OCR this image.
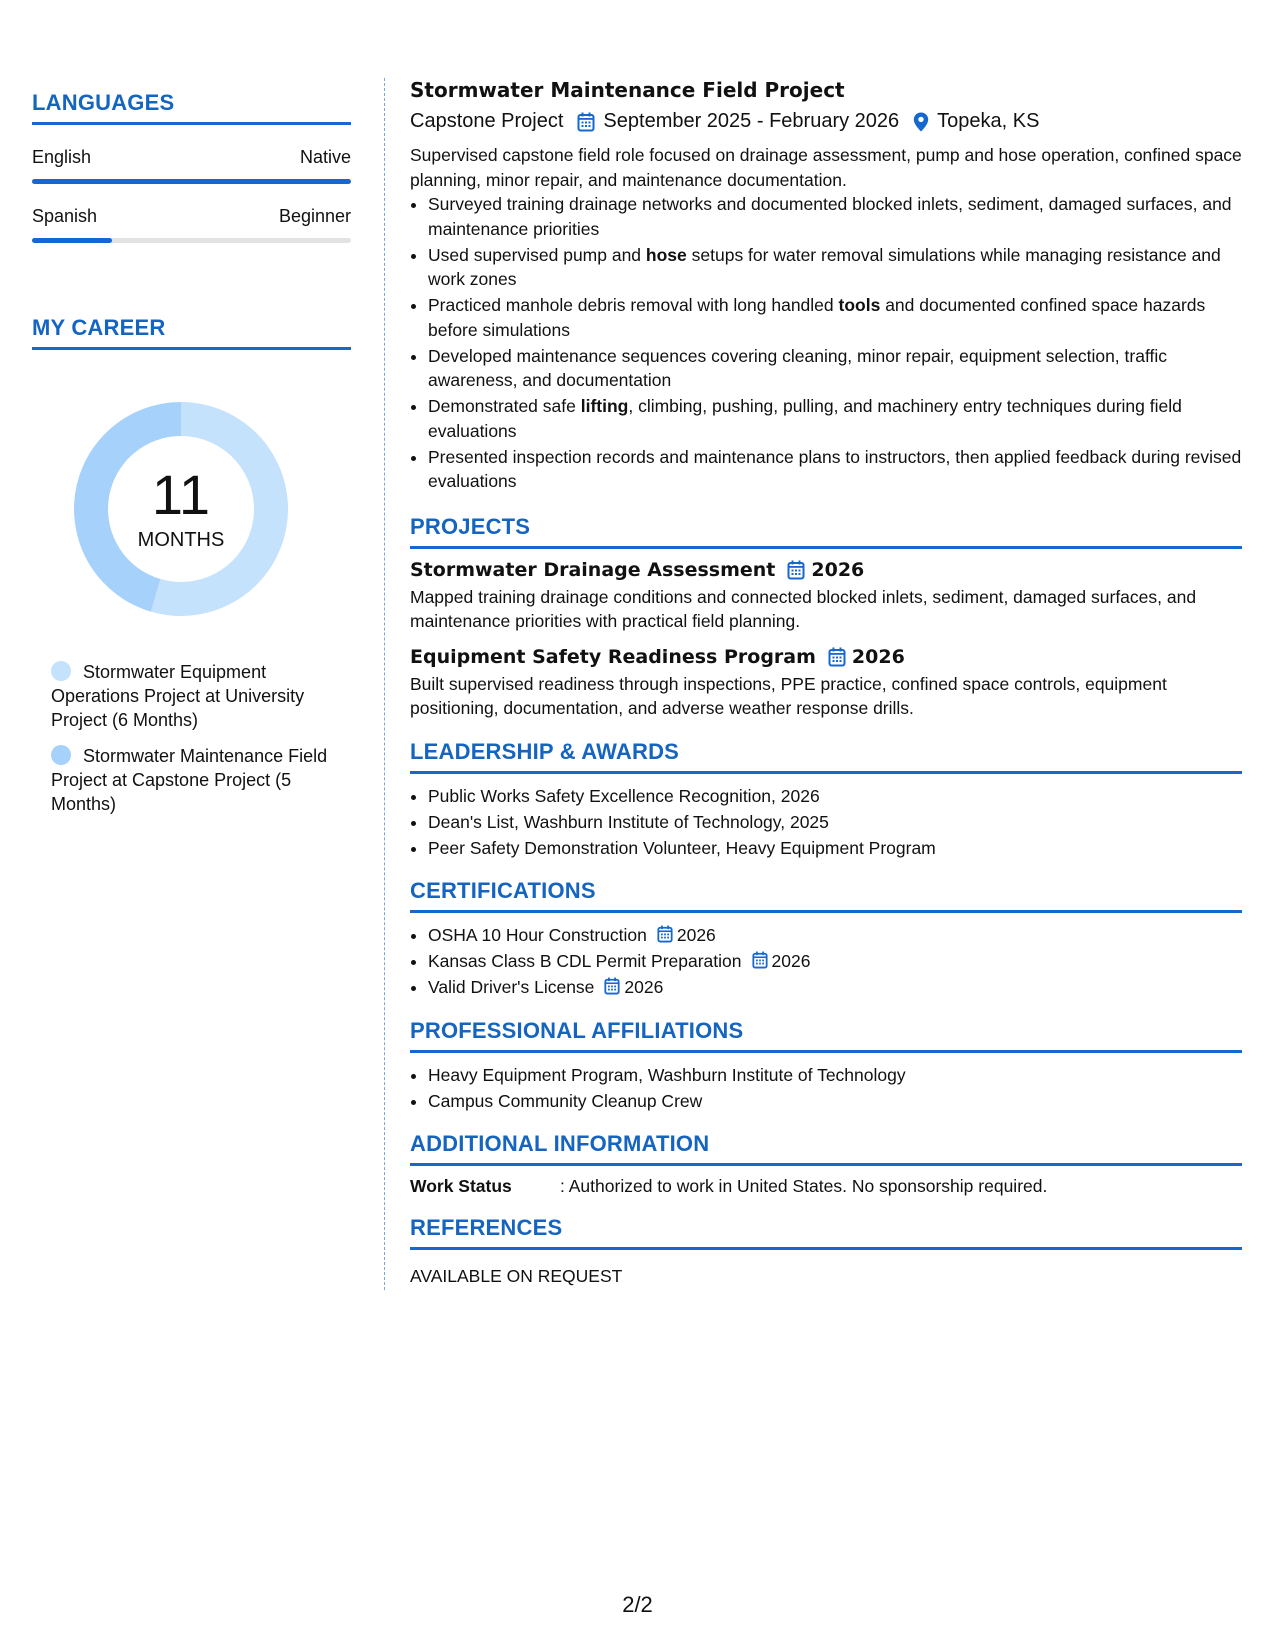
LANGUAGES
English	Native
Spanish	Beginner
MY CAREER
11
MONTHS
Stormwater Equipment Operations Project at University Project (6 Months)
Stormwater Maintenance Field Project at Capstone Project (5 Months)
Stormwater Maintenance Field Project
Capstone Project September 2025 - February 2026 Topeka, KS
Supervised capstone field role focused on drainage assessment, pump and hose operation, confined space planning, minor repair, and maintenance documentation.
• Surveyed training drainage networks and documented blocked inlets, sediment, damaged surfaces, and maintenance priorities
• Used supervised pump and hose setups for water removal simulations while managing resistance and work zones
• Practiced manhole debris removal with long handled tools and documented confined space hazards before simulations
• Developed maintenance sequences covering cleaning, minor repair, equipment selection, traffic awareness, and documentation
• Demonstrated safe lifting, climbing, pushing, pulling, and machinery entry techniques during field evaluations
• Presented inspection records and maintenance plans to instructors, then applied feedback during revised evaluations
PROJECTS
Stormwater Drainage Assessment 2026
Mapped training drainage conditions and connected blocked inlets, sediment, damaged surfaces, and maintenance priorities with practical field planning.
Equipment Safety Readiness Program 2026
Built supervised readiness through inspections, PPE practice, confined space controls, equipment positioning, documentation, and adverse weather response drills.
LEADERSHIP & AWARDS
• Public Works Safety Excellence Recognition, 2026
• Dean's List, Washburn Institute of Technology, 2025
• Peer Safety Demonstration Volunteer, Heavy Equipment Program
CERTIFICATIONS
• OSHA 10 Hour Construction 2026
• Kansas Class B CDL Permit Preparation 2026
• Valid Driver's License 2026
PROFESSIONAL AFFILIATIONS
• Heavy Equipment Program, Washburn Institute of Technology
• Campus Community Cleanup Crew
ADDITIONAL INFORMATION
Work Status	: Authorized to work in United States. No sponsorship required.
REFERENCES
AVAILABLE ON REQUEST
2/2
